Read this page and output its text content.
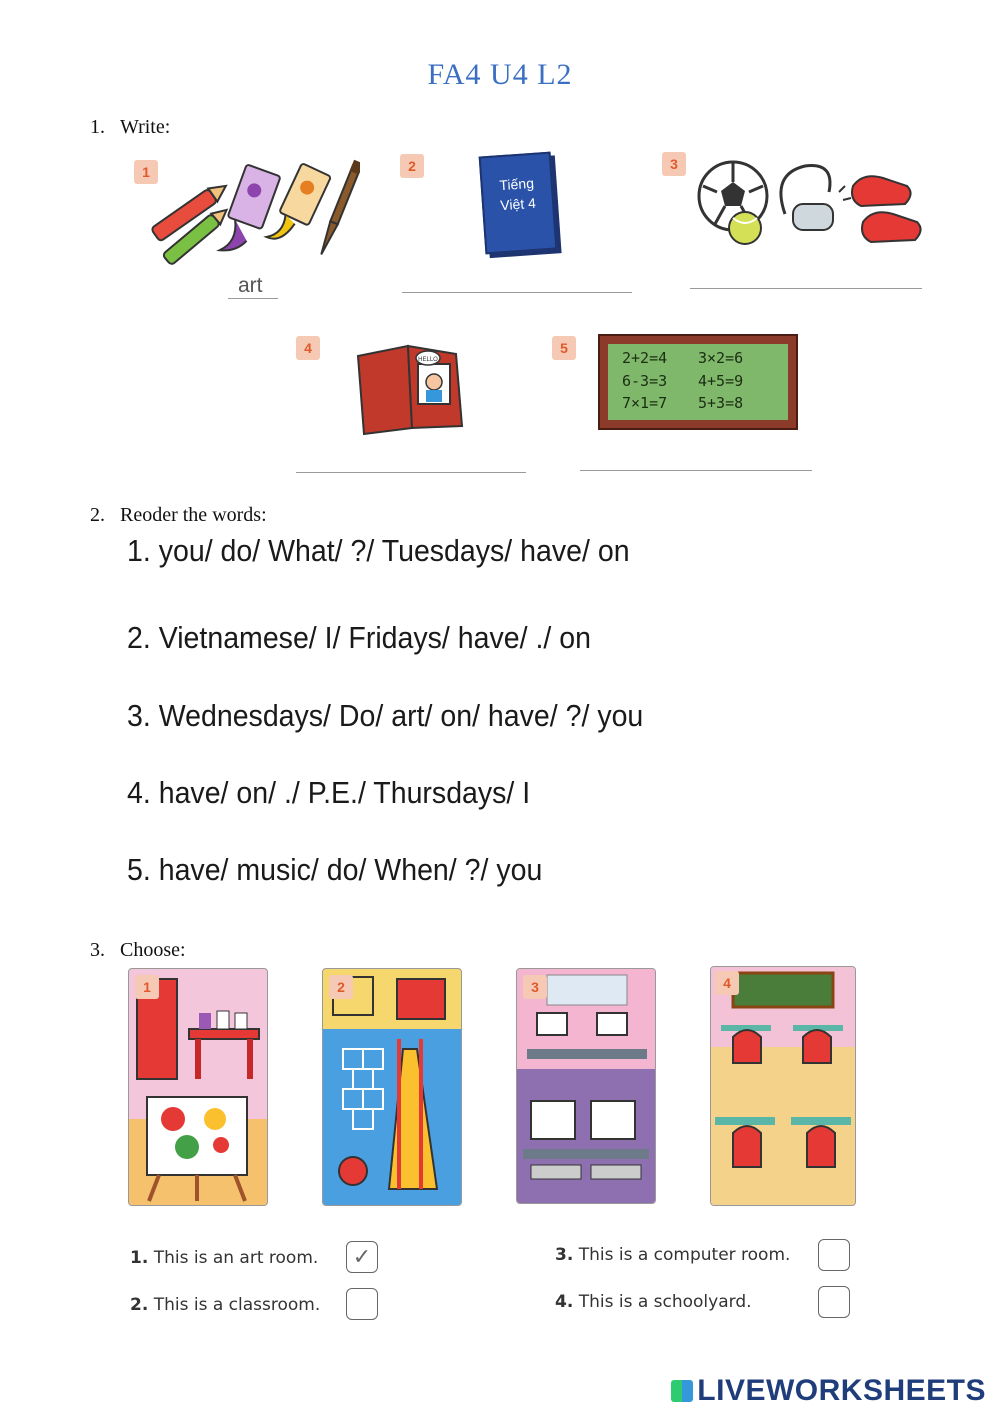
FA4 U4 L2
1. Write:
1
art
2
Tiếng
Việt 4
3
4
HELLO
5
2+2=4	3×2=6
6-3=3	4+5=9
7×1=7	5+3=8
2. Reoder the words:
1. you/ do/ What/ ?/ Tuesdays/ have/ on
2. Vietnamese/ I/ Fridays/ have/ ./ on
3. Wednesdays/ Do/ art/ on/ have/ ?/ you
4. have/ on/ ./ P.E./ Thursdays/ I
5. have/ music/ do/ When/ ?/ you
3. Choose:
1	2	3	4
1. This is an art room.	✓
2. This is a classroom.
3. This is a computer room.
4. This is a schoolyard.
LIVEWORKSHEETS
